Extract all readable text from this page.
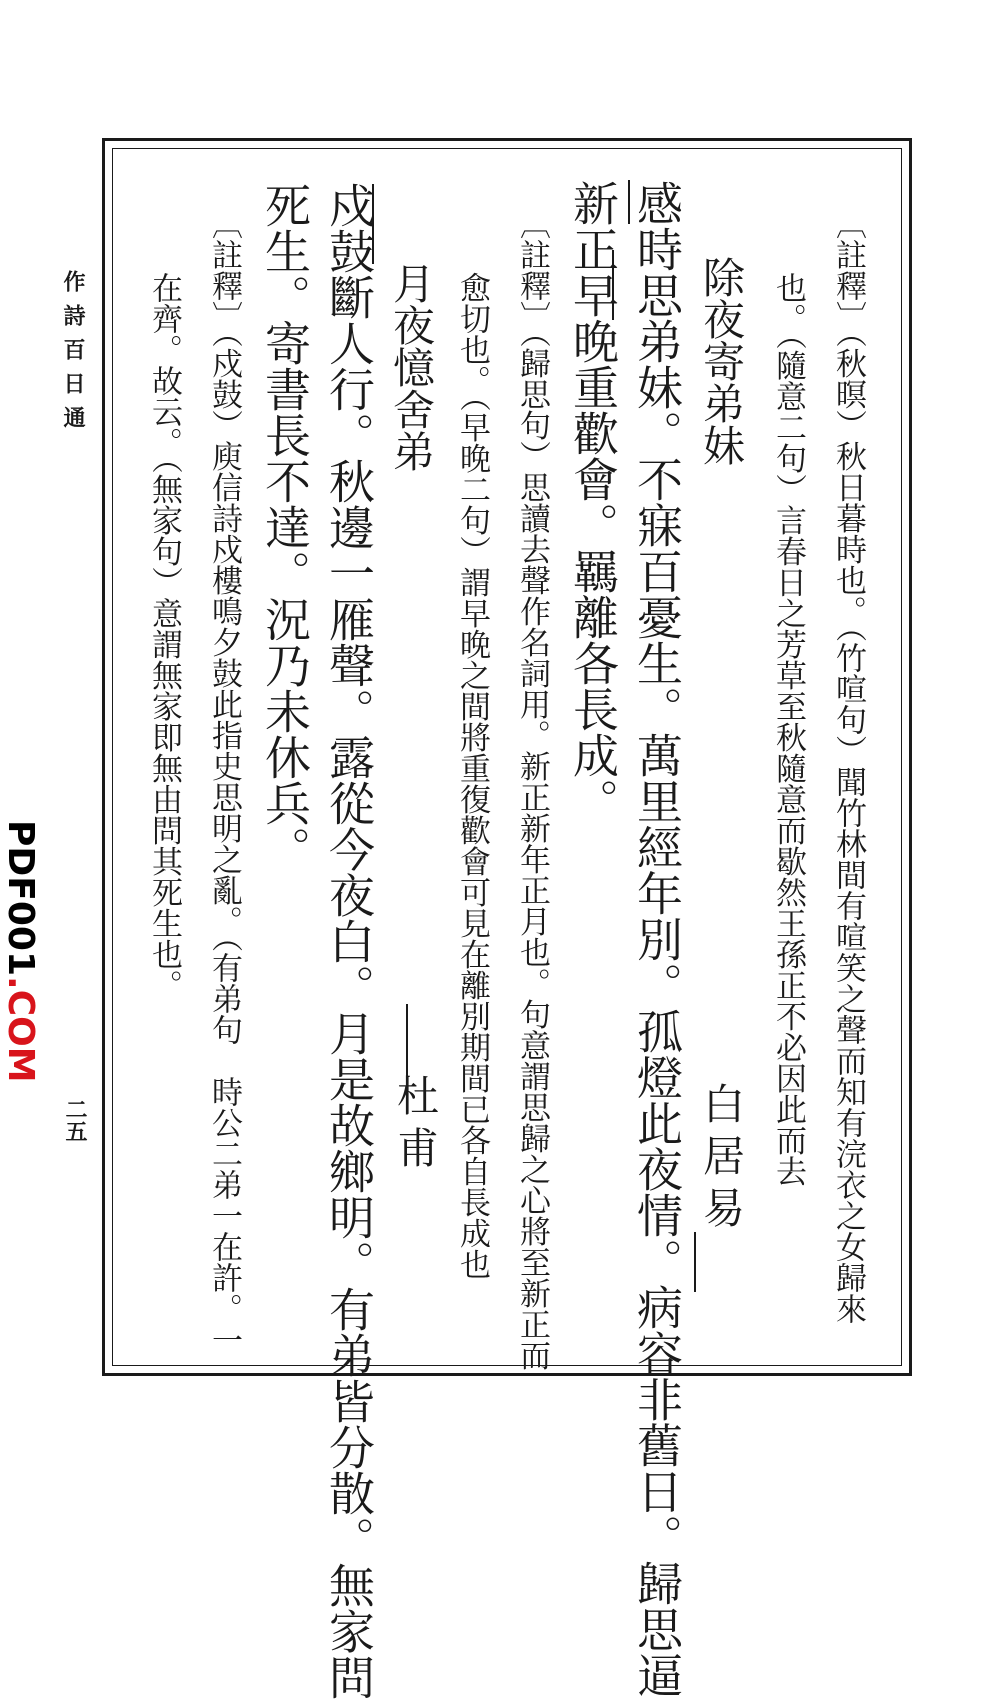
作詩百日通
二五
PDF001.COM	〔註釋〕（秋暝）秋日暮時也。（竹喧句）聞竹林間有喧笑之聲而知有浣衣之女歸來
也。（隨意二句）言春日之芳草至秋隨意而歇然王孫正不必因此而去
除夜寄弟妹
白居易
感時思弟妹。不寐百憂生。萬里經年別。孤燈此夜情。病容非舊日。歸思逼
新正早晚重歡會。羈離各長成。
〔註釋〕（歸思句）思讀去聲作名詞用。新正新年正月也。句意謂思歸之心將至新正而
愈切也。（早晚二句）謂早晚之間將重復歡會可見在離別期間已各自長成也
月夜憶舍弟
杜甫
戍鼓斷人行。秋邊一雁聲。露從今夜白。月是故鄉明。有弟皆分散。無家問
死生。寄書長不達。況乃未休兵。
〔註釋〕（戍鼓）庾信詩戍樓鳴夕鼓此指史思明之亂。（有弟句　時公二弟一在許。一
在齊。故云。（無家句）意謂無家即無由問其死生也。
